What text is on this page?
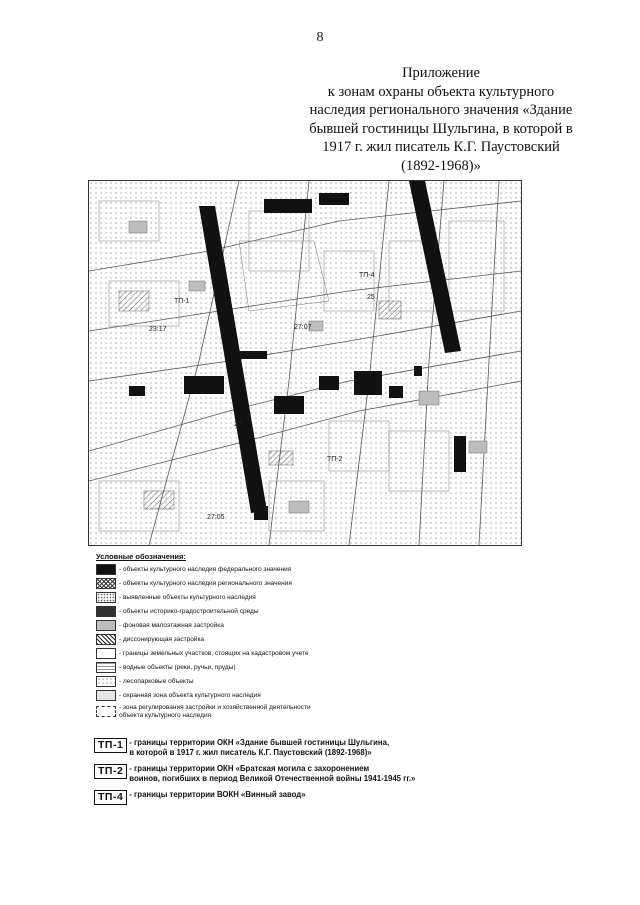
8
Приложение
к зонам охраны объекта культурного
наследия регионального значения «Здание
бывшей гостиницы Шульгина, в которой в
1917 г. жил писатель К.Г. Паустовский
(1892-1968)»
ТП-1
ТП-2
ТП-4
23:17	27:07
27:05
23
25
Условные обозначения:
- объекты культурного наследия федерального значения
- объекты культурного наследия регионального значения
- выявленные объекты культурного наследия
- объекты историко-градостроительной среды
- фоновая малоэтажная застройка
- диссонирующая застройка
- границы земельных участков, стоящих на кадастровом учете
- водные объекты (реки, ручьи, пруды)
- лесопарковые объекты
- охранная зона объекта культурного наследия
- зона регулирования застройки и хозяйственной деятельности объекта культурного наследия
ТП-1 - границы территории ОКН «Здание бывшей гостиницы Шульгина,
в которой в 1917 г. жил писатель К.Г. Паустовский (1892-1968)»
ТП-2 - границы территории ОКН «Братская могила с захоронением
воинов, погибших в период Великой Отечественной войны 1941-1945 гг.»
ТП-4 - границы территории ВОКН «Винный завод»
